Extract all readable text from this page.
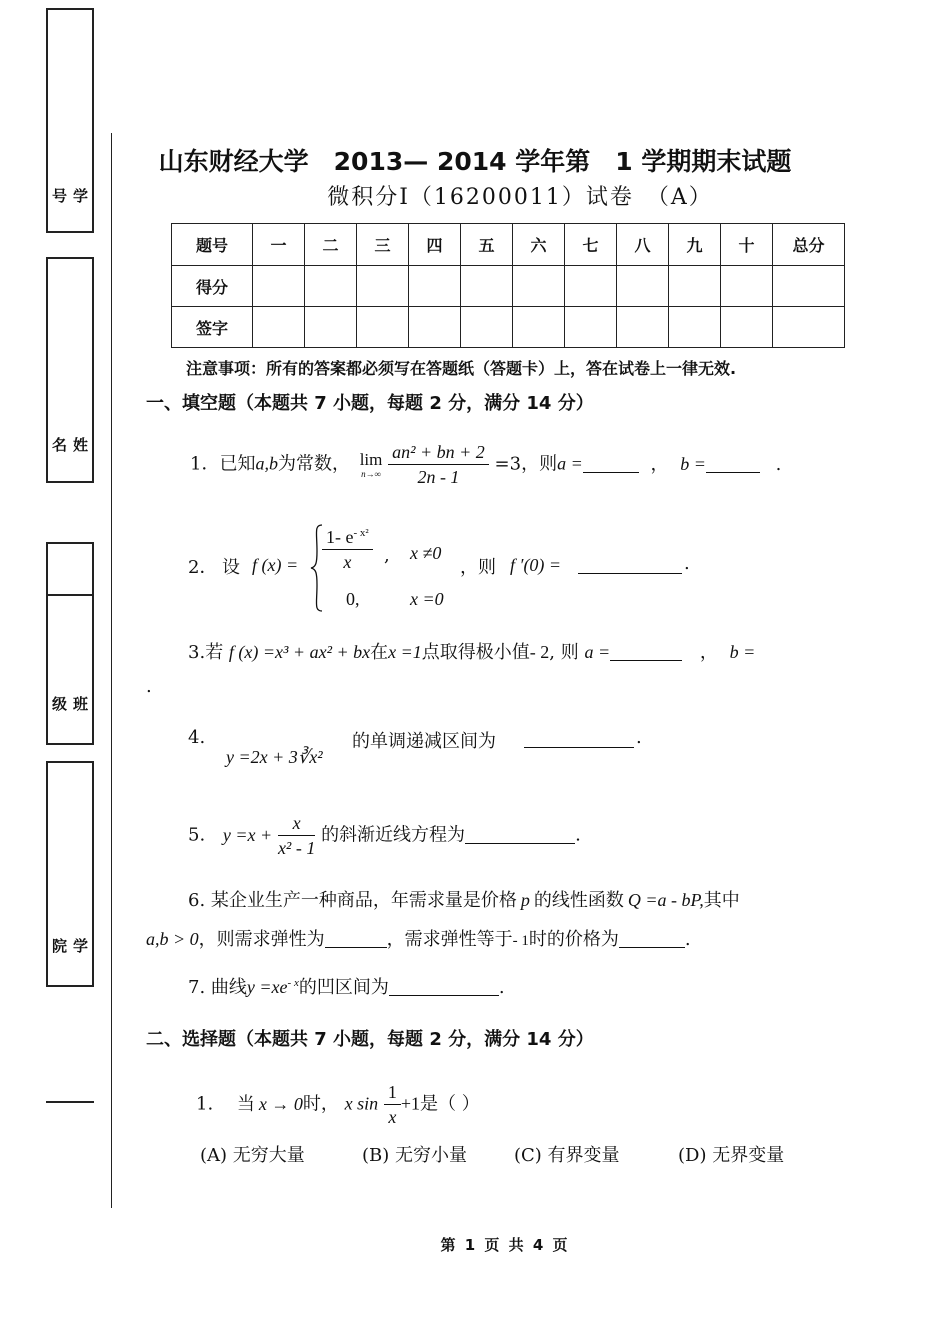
学 号
姓 名
班 级
学 院
山东财经大学　2013— 2014 学年第　1 学期期末试题
微积分Ⅰ（16200011）试卷　（A）
题号	一	二	三	四	五	六	七	八	九	十	总分
得分											
签字											
注意事项：所有的答案都必须写在答题纸（答题卡）上，答在试卷上一律无效.
一、填空题（本题共 7 小题，每题 2 分，满分 14 分）
1．已知a,b为常数， lim
n→∞
$\frac{\text{an² + bn + 2}}{2n - 1} =3$，则a =	， b =	.
2． 设 f $(x) = \frac{1- e^{- x^2}}{x}$ , x ≠0
0,	x =0
，则 f ′(0) =	.
3.若 f (x) =x³ + ax² + bx在x =1点取得极小值- 2, 则 a =	， b =
.
4.
y =2x + 3∛x²
的单调递减区间为	.
5. $y =x + \frac{x}{\text{x² - 1}}$ 的斜渐近线方程为	.
6. 某企业生产一种商品，年需求量是价格 p 的线性函数 Q =a - bP,其中
a,b > 0，则需求弹性为	，需求弹性等于- 1时的价格为	.
7. 曲线$y =xe^{- x}$的凹区间为	.
二、选择题（本题共 7 小题，每题 2 分，满分 14 分）
1. 当 x → 0时， x $\sin \frac{1}{x} +1$是（ ）
(A) 无穷大量	(B) 无穷小量	(C) 有界变量	(D) 无界变量
第 1 页 共 4 页
